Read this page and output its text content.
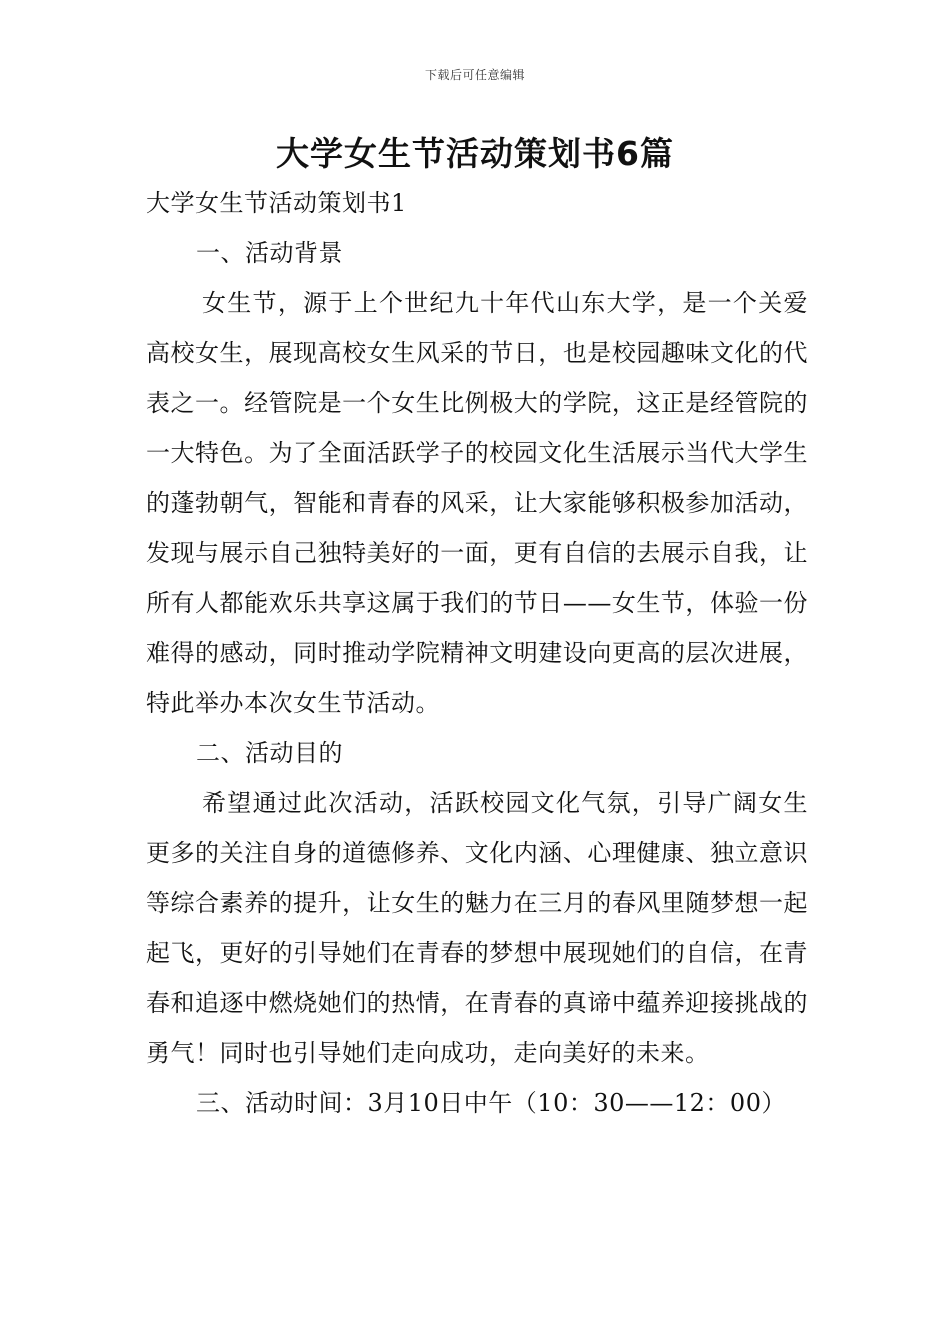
下载后可任意编辑
大学女生节活动策划书6篇

大学女生节活动策划书1

一、活动背景

女生节，源于上个世纪九十年代山东大学，是一个关爱高校女生，展现高校女生风采的节日，也是校园趣味文化的代表之一。经管院是一个女生比例极大的学院，这正是经管院的一大特色。为了全面活跃学子的校园文化生活展示当代大学生的蓬勃朝气，智能和青春的风采，让大家能够积极参加活动，发现与展示自己独特美好的一面，更有自信的去展示自我，让所有人都能欢乐共享这属于我们的节日——女生节，体验一份难得的感动，同时推动学院精神文明建设向更高的层次进展，特此举办本次女生节活动。

二、活动目的

希望通过此次活动，活跃校园文化气氛，引导广阔女生更多的关注自身的道德修养、文化内涵、心理健康、独立意识等综合素养的提升，让女生的魅力在三月的春风里随梦想一起起飞，更好的引导她们在青春的梦想中展现她们的自信，在青春和追逐中燃烧她们的热情，在青春的真谛中蕴养迎接挑战的勇气！同时也引导她们走向成功，走向美好的未来。

三、活动时间：3月10日中午（10：30——12：00）
